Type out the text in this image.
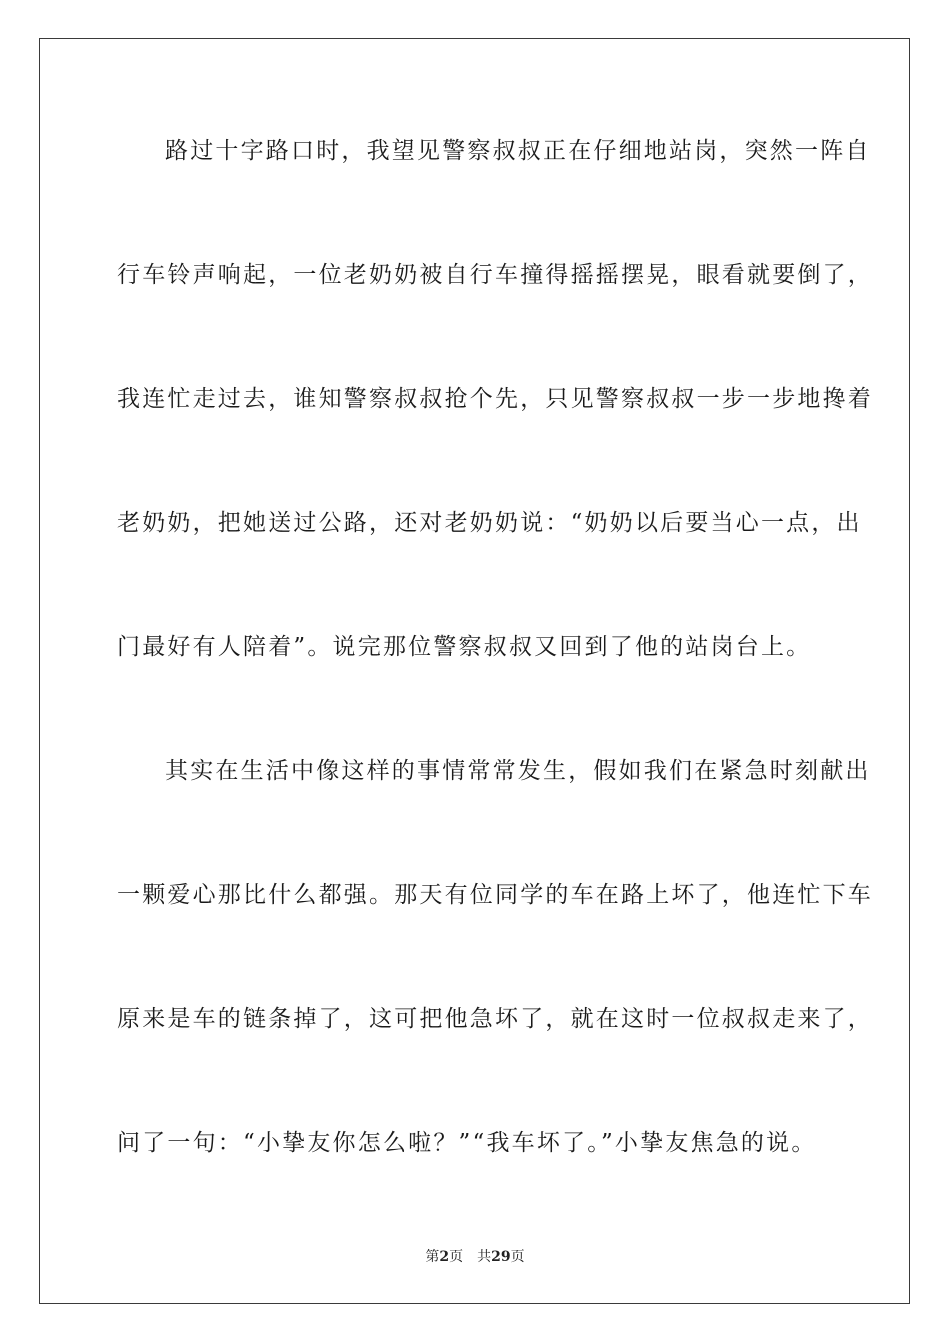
路过十字路口时，我望见警察叔叔正在仔细地站岗，突然一阵自
行车铃声响起，一位老奶奶被自行车撞得摇摇摆晃，眼看就要倒了，
我连忙走过去，谁知警察叔叔抢个先，只见警察叔叔一步一步地搀着
老奶奶，把她送过公路，还对老奶奶说：“奶奶以后要当心一点，出
门最好有人陪着”。说完那位警察叔叔又回到了他的站岗台上。
其实在生活中像这样的事情常常发生，假如我们在紧急时刻献出
一颗爱心那比什么都强。那天有位同学的车在路上坏了，他连忙下车
原来是车的链条掉了，这可把他急坏了，就在这时一位叔叔走来了，
问了一句：“小挚友你怎么啦？”“我车坏了。”小挚友焦急的说。
第2页 共29页
